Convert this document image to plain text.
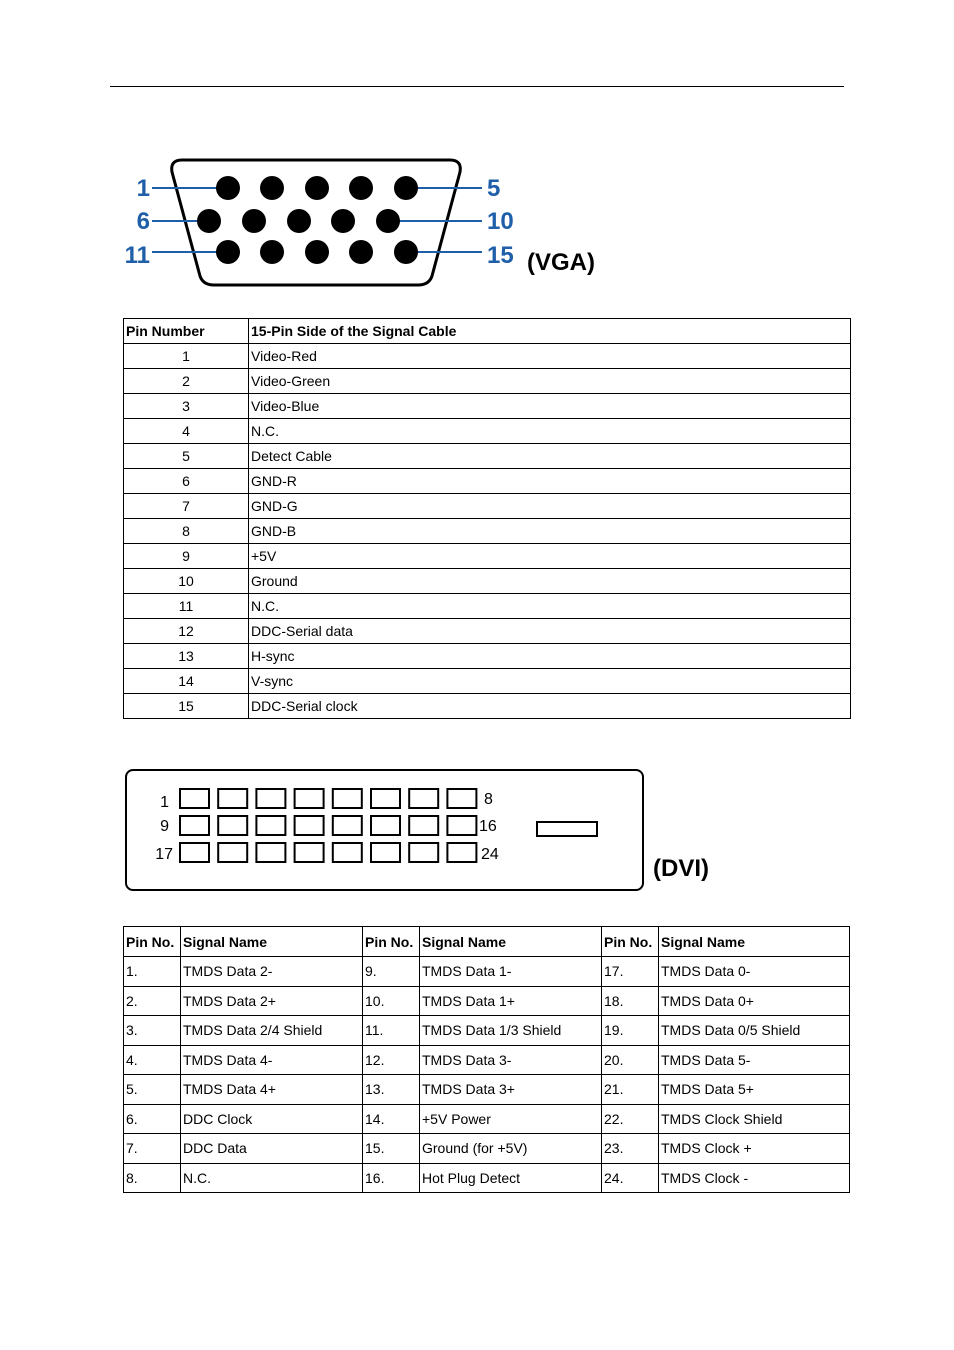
1
6
11
5
10
15 (VGA)
Pin Number	15-Pin Side of the Signal Cable
1	Video-Red
2	Video-Green
3	Video-Blue
4	N.C.
5	Detect Cable
6	GND-R
7	GND-G
8	GND-B
9	+5V
10	Ground
11	N.C.
12	DDC-Serial data
13	H-sync
14	V-sync
15	DDC-Serial clock
1
9
17
8
16
24
(DVI)
Pin No.	Signal Name	Pin No.	Signal Name	Pin No.	Signal Name
1.	TMDS Data 2-	9.	TMDS Data 1-	17.	TMDS Data 0-
2.	TMDS Data 2+	10.	TMDS Data 1+	18.	TMDS Data 0+
3.	TMDS Data 2/4 Shield	11.	TMDS Data 1/3 Shield	19.	TMDS Data 0/5 Shield
4.	TMDS Data 4-	12.	TMDS Data 3-	20.	TMDS Data 5-
5.	TMDS Data 4+	13.	TMDS Data 3+	21.	TMDS Data 5+
6.	DDC Clock	14.	+5V Power	22.	TMDS Clock Shield
7.	DDC Data	15.	Ground (for +5V)	23.	TMDS Clock +
8.	N.C.	16.	Hot Plug Detect	24.	TMDS Clock -
